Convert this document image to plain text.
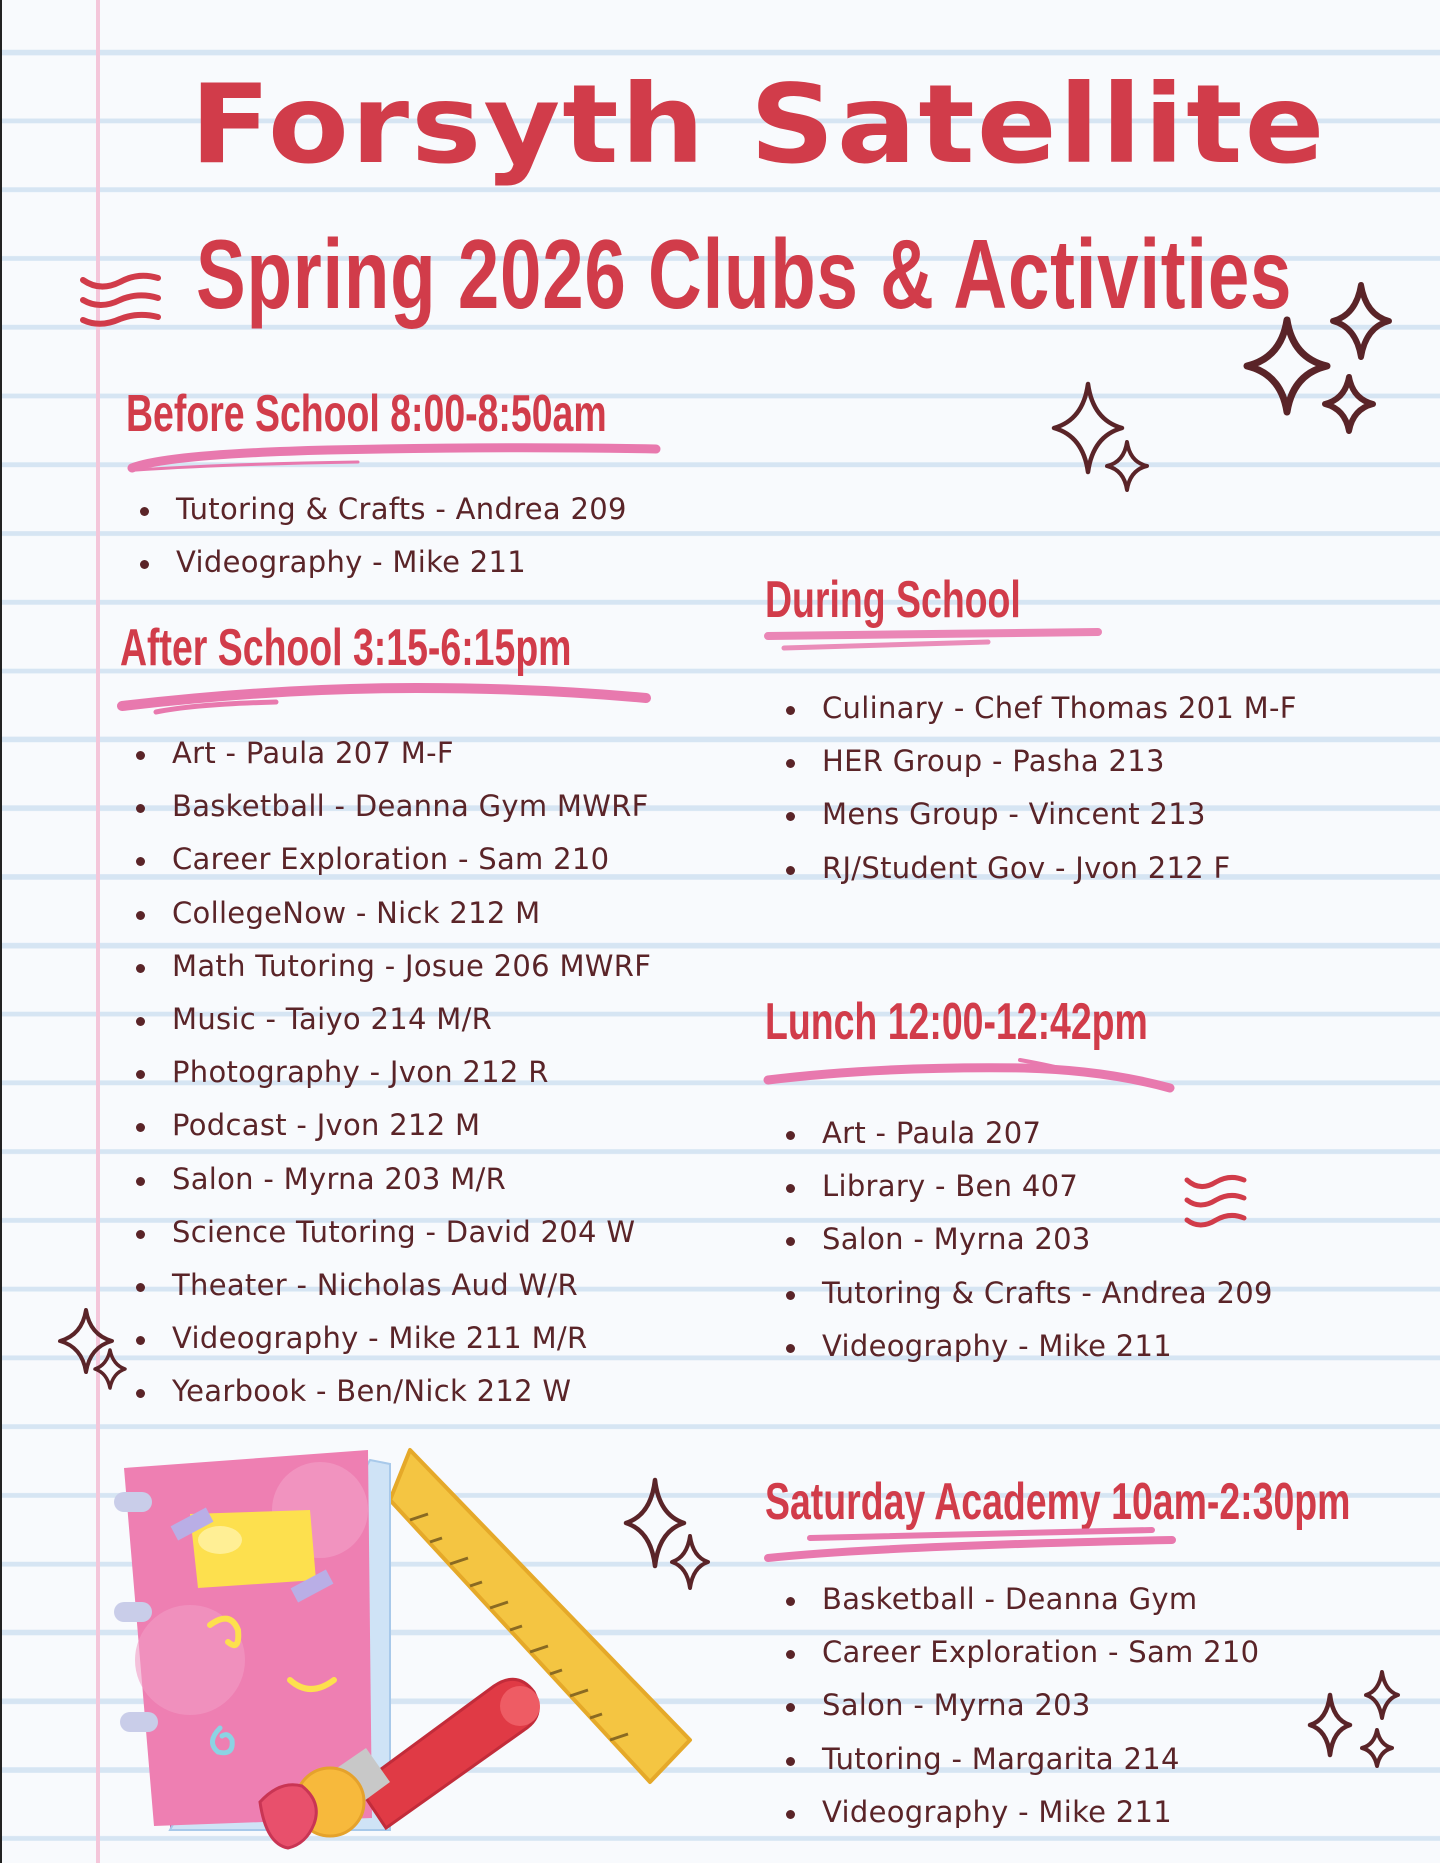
Forsyth Satellite
Spring 2026 Clubs & Activities
Before School 8:00-8:50am
Tutoring & Crafts - Andrea 209
Videography - Mike 211
After School 3:15-6:15pm
Art - Paula 207 M-F
Basketball - Deanna Gym MWRF
Career Exploration - Sam 210
CollegeNow - Nick 212 M
Math Tutoring - Josue 206 MWRF
Music - Taiyo 214 M/R
Photography - Jvon 212 R
Podcast - Jvon 212 M
Salon - Myrna 203 M/R
Science Tutoring - David 204 W
Theater - Nicholas Aud W/R
Videography - Mike 211 M/R
Yearbook - Ben/Nick 212 W
During School
Culinary - Chef Thomas 201 M-F
HER Group - Pasha 213
Mens Group - Vincent 213
RJ/Student Gov - Jvon 212 F
Lunch 12:00-12:42pm
Art - Paula 207
Library - Ben 407
Salon - Myrna 203
Tutoring & Crafts - Andrea 209
Videography - Mike 211
Saturday Academy 10am-2:30pm
Basketball - Deanna Gym
Career Exploration - Sam 210
Salon - Myrna 203
Tutoring - Margarita 214
Videography - Mike 211
